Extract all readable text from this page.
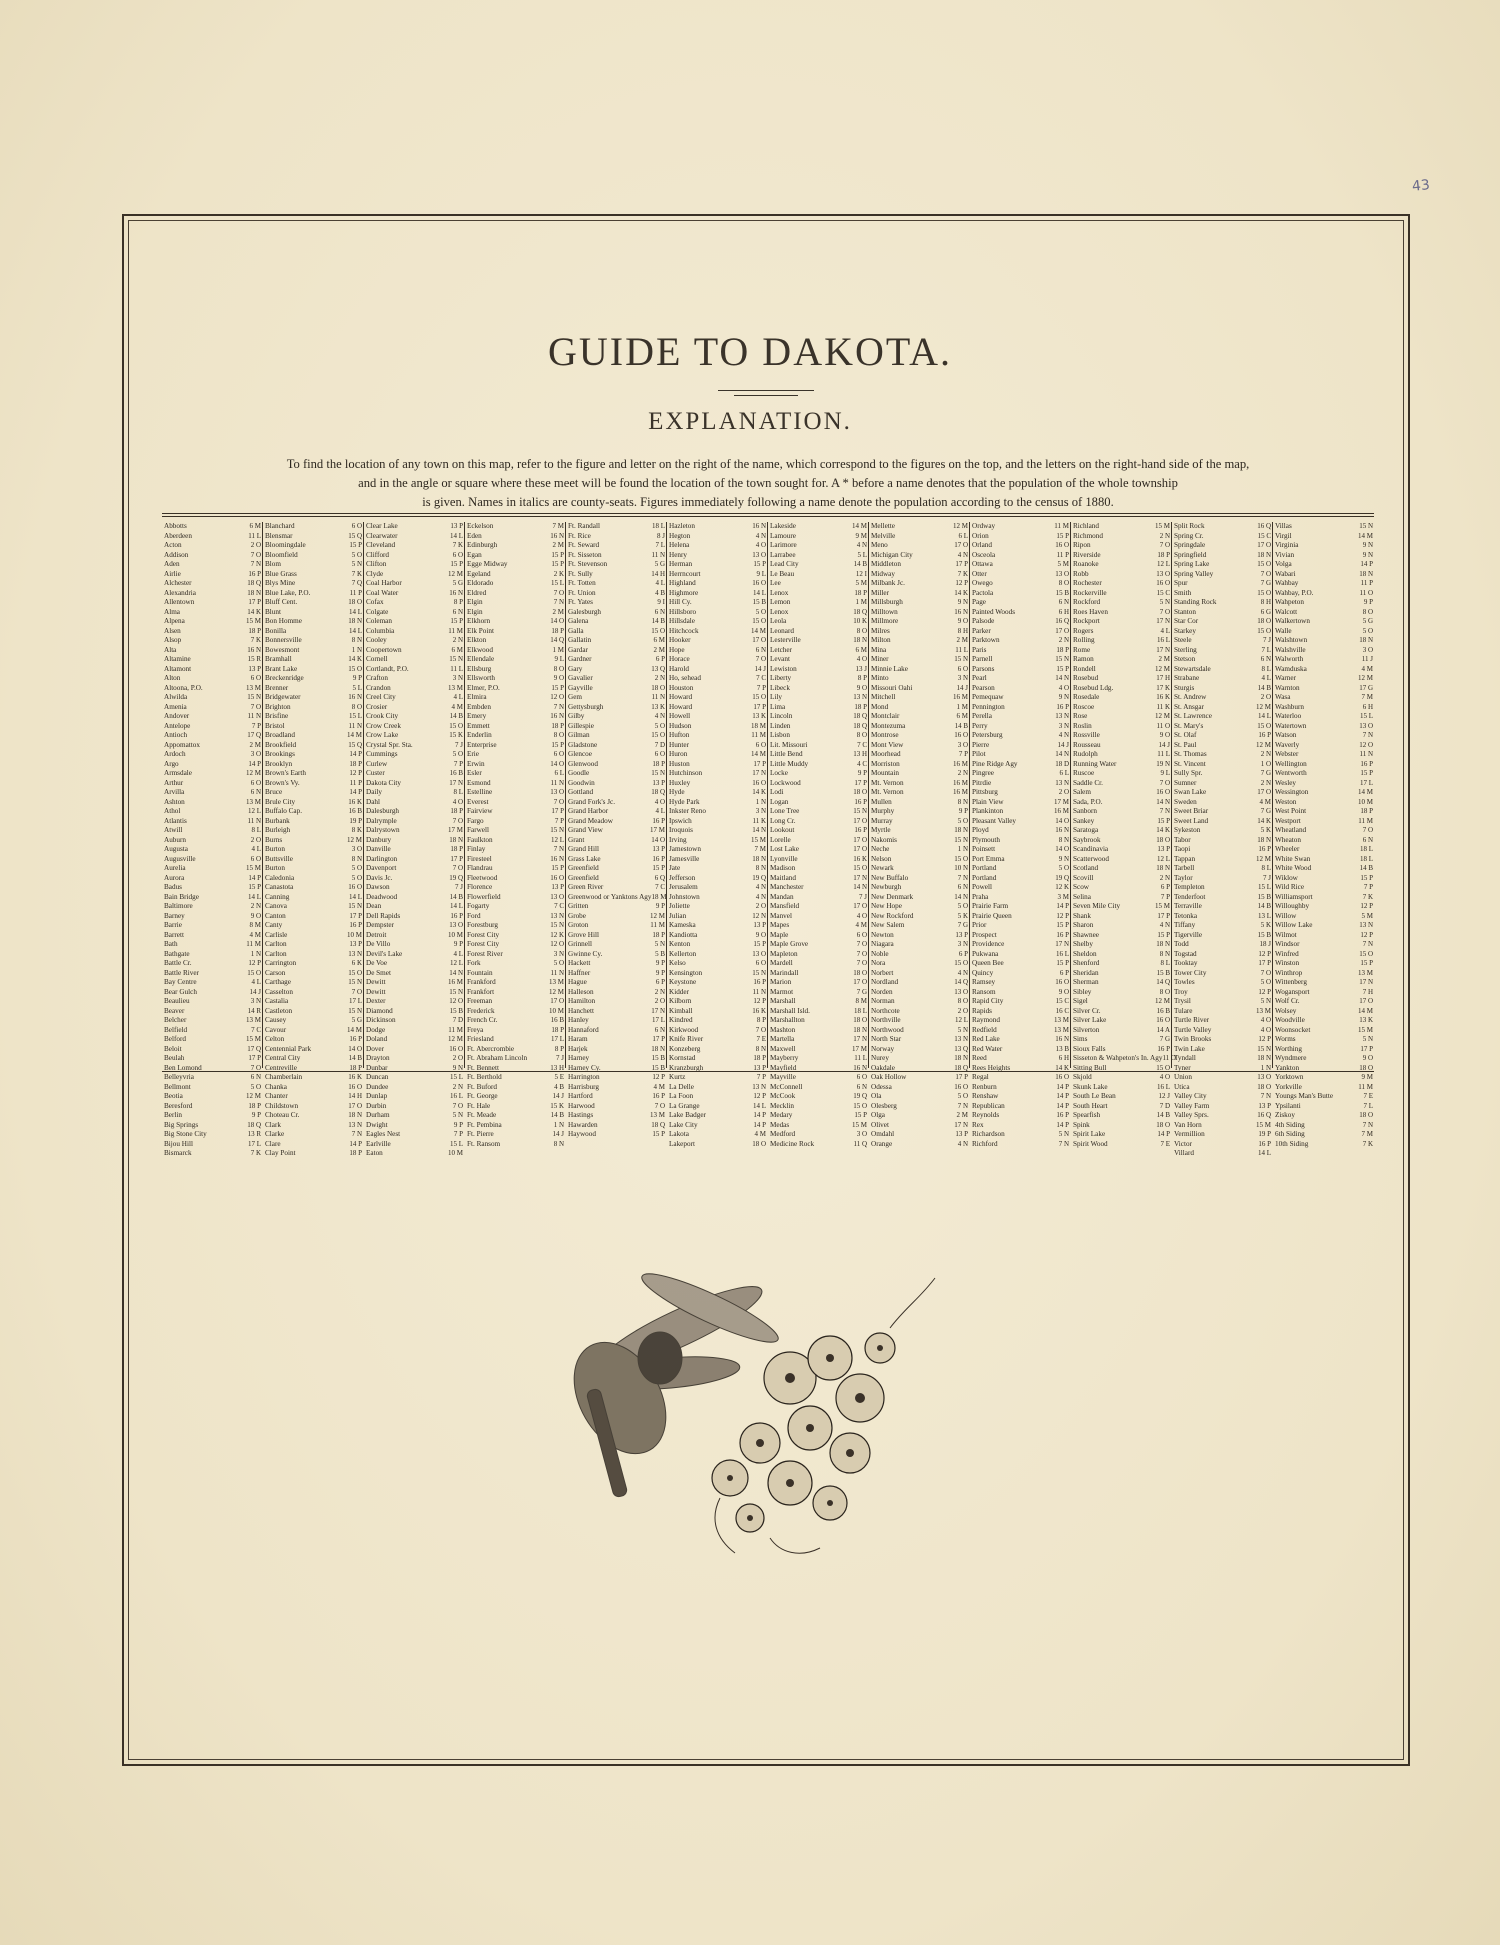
43
GUIDE TO DAKOTA.
EXPLANATION.
To find the location of any town on this map, refer to the figure and letter on the right of the name, which correspond to the figures on the top, and the letters on the right-hand side of the map,
and in the angle or square where these meet will be found the location of the town sought for. A * before a name denotes that the population of the whole township
is given. Names in italics are county-seats. Figures immediately following a name denote the population according to the census of 1880.
Abbotts	6 M
Aberdeen	11 L
Acton	2 O
Addison	7 O
Aden	7 N
Airlie	16 P
Alchester	18 Q
Alexandria	18 N
Allentown	17 P
Alma	14 K
Alpena	15 M
Alsen	18 P
Alsop	7 K
Alta	16 N
Altamine	15 R
Altamont	13 P
Alton	6 O
Altoona, P.O.	13 M
Alwilda	15 N
Amenia	7 O
Andover	11 N
Antelope	7 P
Antioch	17 Q
Appomattox	2 M
Ardoch	3 O
Argo	14 P
Armsdale	12 M
Arthur	6 O
Arvilla	6 N
Ashton	13 M
Athol	12 L
Atlantis	11 N
Atwill	8 L
Auburn	2 O
Augusta	4 L
Augusville	6 O
Aurelia	15 M
Aurora	14 P
Badus	15 P
Bain Bridge	14 L
Baltimore	2 N
Barney	9 O
Barrie	8 M
Barrett	4 M
Bath	11 M
Bathgate	1 N
Battle Cr.	12 P
Battle River	15 O
Bay Centre	4 L
Bear Gulch	14 J
Beaulieu	3 N
Beaver	14 R
Belcher	13 M
Belfield	7 C
Belford	15 M
Beloit	17 Q
Beulah	17 P
Ben Lomond	7 O
Belleyvria	6 N
Bellmont	5 O
Beotia	12 M
Beresford	18 P
Berlin	9 P
Big Springs	18 Q
Big Stone City	13 R
Bijou Hill	17 L
Bismarck	7 K
Blanchard	6 O
Blensmar	15 Q
Bloomingdale	15 P
Bloomfield	5 O
Blom	5 N
Blue Grass	7 K
Blys Mine	7 Q
Blue Lake, P.O.	11 P
Bluff Cent.	18 O
Blunt	14 L
Bon Homme	18 N
Bonilla	14 L
Bonnersville	8 N
Bowesmont	1 N
Bramhall	14 K
Brant Lake	15 O
Breckenridge	9 P
Brenner	5 L
Bridgewater	16 N
Brighton	8 O
Brisfine	15 L
Bristol	11 N
Broadland	14 M
Brookfield	15 Q
Brookings	14 P
Brooklyn	18 P
Brown's Earth	12 P
Brown's Vy.	11 P
Bruce	14 P
Brule City	16 K
Buffalo Cap.	16 B
Burbank	19 P
Burleigh	8 K
Burns	12 M
Burton	3 O
Buttsville	8 N
Burton	5 O
Caledonia	5 O
Canastota	16 O
Canning	14 L
Canova	15 N
Canton	17 P
Canty	16 P
Carlisle	10 M
Carlton	13 P
Carlton	13 N
Carrington	6 K
Carson	15 O
Carthage	15 N
Casselton	7 O
Castalia	17 L
Castleton	15 N
Causey	5 G
Cavour	14 M
Celton	16 P
Centennial Park	14 O
Central City	14 B
Centreville	18 P
Chamberlain	16 K
Chanka	16 O
Chanter	14 H
Childstown	17 O
Choteau Cr.	18 N
Clark	13 N
Clarke	7 N
Clare	14 P
Clay Point	18 P
Clear Lake	13 P
Clearwater	14 L
Cleveland	7 K
Clifford	6 O
Clifton	15 P
Clyde	12 M
Coal Harbor	5 G
Coal Water	16 N
Cofax	8 P
Colgate	6 N
Coleman	15 P
Columbia	11 M
Cooley	2 N
Coopertown	6 M
Cornell	15 N
Cortlandt, P.O.	11 L
Crafton	3 N
Crandon	13 M
Creel City	4 L
Crosier	4 M
Crook City	14 B
Crow Creek	15 O
Crow Lake	15 K
Crystal Spr. Sta.	7 J
Cummings	5 O
Curlew	7 P
Custer	16 B
Dakota City	17 N
Daily	8 L
Dahl	4 O
Dalesburgh	18 P
Dalrymple	7 O
Dalrystown	17 M
Danbury	18 N
Danville	18 P
Darlington	17 P
Davenport	7 O
Davis Jc.	19 Q
Dawson	7 J
Deadwood	14 B
Dean	14 L
Dell Rapids	16 P
Dempster	13 O
Detroit	10 M
De Villo	9 P
Devil's Lake	4 L
De Voe	12 L
De Smet	14 N
Dewitt	16 M
Dewitt	15 N
Dexter	12 O
Diamond	15 B
Dickinson	7 D
Dodge	11 M
Doland	12 M
Dover	16 O
Drayton	2 O
Dunbar	9 N
Duncan	15 L
Dundee	2 N
Dunlap	16 L
Durbin	7 O
Durham	5 N
Dwight	9 P
Eagles Nest	7 P
Earlville	15 L
Eaton	10 M
Eckelson	7 M
Eden	16 N
Edinburgh	2 M
Egan	15 P
Egge Midway	15 P
Egeland	2 K
Eldorado	15 L
Eldred	7 O
Elgin	7 N
Elgin	2 M
Elkhorn	14 O
Elk Point	18 P
Elkton	14 Q
Elkwood	1 M
Ellendale	9 L
Ellsburg	8 O
Ellsworth	9 O
Elmer, P.O.	15 P
Elmira	12 O
Embden	7 N
Emery	16 N
Emmett	18 P
Enderlin	8 O
Enterprise	15 P
Erie	6 O
Erwin	14 O
Esler	6 L
Esmond	11 N
Estelline	13 O
Everest	7 O
Fairview	17 P
Fargo	7 P
Farwell	15 N
Faulkton	12 L
Finlay	7 N
Firesteel	16 N
Flandrau	15 P
Fleetwood	16 O
Florence	13 P
Flowerfield	13 O
Fogarty	7 C
Ford	13 N
Forestburg	15 N
Forest City	12 K
Forest City	12 O
Forest River	3 N
Fork	5 O
Fountain	11 N
Frankford	13 M
Frankfort	12 M
Freeman	17 O
Frederick	10 M
French Cr.	16 B
Freya	18 P
Friesland	17 L
Ft. Abercrombie	8 P
Ft. Abraham Lincoln	7 J
Ft. Bennett	13 H
Ft. Berthold	5 E
Ft. Buford	4 B
Ft. George	14 J
Ft. Hale	15 K
Ft. Meade	14 B
Ft. Pembina	1 N
Ft. Pierre	14 J
Ft. Ransom	8 N
Ft. Randall	18 L
Ft. Rice	8 J
Ft. Seward	7 L
Ft. Sisseton	11 N
Ft. Stevenson	5 G
Ft. Sully	14 H
Ft. Totten	4 L
Ft. Union	4 B
Ft. Yates	9 I
Galesburgh	6 N
Galena	14 B
Galla	15 O
Gallatin	6 M
Gardar	2 M
Gardner	6 P
Gary	13 Q
Gavalier	2 N
Gayville	18 O
Gem	11 N
Gettysburgh	13 K
Gilby	4 N
Gillespie	5 O
Gilman	15 O
Gladstone	7 D
Glencoe	6 O
Glenwood	18 P
Goodle	15 N
Goodwin	13 P
Gottland	18 Q
Grand Fork's Jc.	4 O
Grand Harbor	4 L
Grand Meadow	16 P
Grand View	17 M
Grant	14 O
Grand Hill	13 P
Grass Lake	16 P
Greenfield	15 P
Greenfield	6 Q
Green River	7 C
Greenwood or Yanktons Agy 18 M
Gritten	9 P
Grobe	12 M
Groton	11 M
Grove Hill	18 P
Grinnell	5 N
Gwinne Cy.	5 B
Hackett	9 P
Haffner	9 P
Hague	6 P
Halleson	2 N
Hamilton	2 O
Hanchett	17 N
Hanley	17 L
Hannaford	6 N
Haram	17 P
Harjek	18 N
Harney	15 B
Harney Cy.	15 B
Harrington	12 P
Harrisburg	4 M
Hartford	16 P
Harwood	7 O
Hastings	13 M
Hawarden	18 Q
Haywood	15 P
Hazleton	16 N
Hegton	4 N
Helena	4 O
Henry	13 O
Herman	15 P
Herrncourt	9 L
Highland	16 O
Highmore	14 L
Hill Cy.	15 B
Hillsboro	5 O
Hillsdale	15 O
Hitchcock	14 M
Hooker	17 O
Hope	6 N
Horace	7 O
Harold	14 J
Ho, sehead	7 C
Houston	7 P
Howard	15 O
Howard	17 P
Howell	13 K
Hudson	18 M
Hufton	11 M
Hunter	6 O
Huron	14 M
Huston	17 P
Hutchinson	17 N
Huxley	16 O
Hyde	14 K
Hyde Park	1 N
Inkster Reno	3 N
Ipswich	11 K
Iroquois	14 N
Irving	15 M
Jamestown	7 M
Jamesville	18 N
Jate	8 N
Jefferson	19 Q
Jerusalem	4 N
Johnstown	4 N
Joliette	2 O
Julian	12 N
Kameska	13 P
Kandiotta	9 O
Kenton	15 P
Kellerton	13 O
Kelso	6 O
Kensington	15 N
Keystone	16 P
Kidder	11 N
Kilborn	12 P
Kimball	16 K
Kindred	8 P
Kirkwood	7 O
Knife River	7 E
Konzeberg	8 N
Kornstad	18 P
Kranzburgh	13 P
Kurtz	7 P
La Delle	13 N
La Foon	12 P
La Grange	14 L
Lake Badger	14 P
Lake City	14 P
Lakota	4 M
Lakeport	18 O
Lakeside	14 M
Lamoure	9 M
Larimore	4 N
Larrabee	5 L
Lead City	14 B
Le Beau	12 I
Lee	5 M
Lenox	18 P
Lemon	1 M
Lenox	18 Q
Leola	10 K
Leonard	8 O
Lesterville	18 N
Letcher	6 M
Levant	4 O
Lewiston	13 J
Liberty	8 P
Libeck	9 O
Lily	13 N
Lima	18 P
Lincoln	18 Q
Linden	18 Q
Lisbon	8 O
Lit. Missouri	7 C
Little Bend	13 H
Little Muddy	4 C
Locke	9 P
Lockwood	17 P
Lodi	18 O
Logan	16 P
Lone Tree	15 N
Long Cr.	17 O
Lookout	16 P
Lorelle	17 O
Lost Lake	17 O
Lyonville	16 K
Madison	15 O
Maitland	17 N
Manchester	14 N
Mandan	7 J
Mansfield	17 O
Manvel	4 O
Mapes	4 M
Maple	6 O
Maple Grove	7 O
Mapleton	7 O
Mardell	7 O
Marindall	18 O
Marion	17 O
Marmot	7 G
Marshall	8 M
Marshall Isld.	18 L
Marshallton	18 O
Mashton	18 N
Martella	17 N
Maxwell	17 M
Mayberry	11 L
Mayfield	16 N
Mayville	6 O
McConnell	6 N
McCook	19 Q
Mecklin	15 O
Medary	15 P
Medas	15 M
Medford	3 O
Medicine Rock	11 Q
Mellette	12 M
Melville	6 L
Meno	17 O
Michigan City	4 N
Middleton	17 P
Midway	7 K
Milbank Jc.	12 P
Miller	14 K
Millsburgh	9 N
Milltown	16 N
Millmore	9 O
Milres	8 H
Milton	2 M
Mina	11 L
Miner	15 N
Minnie Lake	6 O
Minto	3 N
Missouri Oahi	14 J
Mitchell	16 M
Mond	1 M
Montclair	6 M
Montezuma	14 B
Montrose	16 O
Mont View	3 O
Moorhead	7 P
Morriston	16 M
Mountain	2 N
Mt. Vernon	16 M
Mt. Vernon	16 M
Mullen	8 N
Murphy	9 P
Murray	5 O
Myrtle	18 N
Nakomis	15 N
Neche	1 N
Nelson	15 O
Newark	10 N
New Buffalo	7 N
Newburgh	6 N
New Denmark	14 N
New Hope	5 O
New Rockford	5 K
New Salem	7 G
Newton	13 P
Niagara	3 N
Noble	6 P
Nora	15 O
Norbert	4 N
Nordland	14 Q
Norden	13 O
Norman	8 O
Northcote	2 O
Northville	12 L
Northwood	5 N
North Star	13 N
Norway	13 Q
Nurey	18 N
Oakdale	18 Q
Oak Hollow	17 P
Odessa	16 O
Ola	5 O
Olesberg	7 N
Olga	2 M
Olivet	17 N
Omdahl	13 P
Orange	4 N
Ordway	11 M
Orion	15 P
Orland	16 O
Osceola	11 P
Ottawa	5 M
Otter	13 O
Owego	8 O
Pactola	15 B
Page	6 N
Painted Woods	6 H
Palsode	16 Q
Parker	17 O
Parktown	2 N
Paris	18 P
Parnell	15 N
Parsons	15 P
Pearl	14 N
Pearson	4 O
Pemequaw	9 N
Pennington	16 P
Perella	13 N
Perry	3 N
Petersburg	4 N
Pierre	14 J
Pilot	14 N
Pine Ridge Agy	18 D
Pingree	6 L
Pitrdie	13 N
Pittsburg	2 O
Plain View	17 M
Plankinton	16 M
Pleasant Valley	14 O
Ployd	16 N
Plymouth	8 N
Poinsett	14 O
Port Emma	9 N
Portland	5 O
Portland	19 Q
Powell	12 K
Praha	3 M
Prairie Farm	14 P
Prairie Queen	12 P
Prior	15 P
Prospect	16 P
Providence	17 N
Pukwana	16 L
Queen Bee	15 P
Quincy	6 P
Ramsey	16 O
Ransom	9 O
Rapid City	15 C
Rapids	16 C
Raymond	13 M
Redfield	13 M
Red Lake	16 N
Red Water	13 B
Reed	6 H
Rees Heights	14 K
Regal	16 O
Renburn	14 P
Renshaw	14 P
Republican	14 P
Reynolds	16 P
Rex	14 P
Richardson	5 N
Richford	7 N
Richland	15 M
Richmond	2 N
Ripon	7 O
Riverside	18 P
Roanoke	12 L
Robb	13 O
Rochester	16 O
Rockerville	15 C
Rockford	5 N
Roes Haven	7 O
Rockport	17 N
Rogers	4 L
Rolling	16 L
Rome	17 N
Ramon	2 M
Rondell	12 M
Rosebud	17 H
Rosebud Ldg.	17 K
Rosedale	16 K
Roscoe	11 K
Rose	12 M
Roslin	11 O
Rossville	9 O
Rousseau	14 J
Rudolph	11 L
Running Water	19 N
Ruscoe	9 L
Saddle Cr.	7 O
Salem	16 O
Sada, P.O.	14 N
Sanborn	7 N
Sankey	15 P
Saratoga	14 K
Saybrook	18 O
Scandinavia	13 P
Scatterwood	12 L
Scotland	18 N
Scovill	2 N
Scow	6 P
Selina	7 P
Seven Mile City	15 M
Shank	17 P
Sharon	4 N
Shawnee	15 P
Shelby	18 N
Sheldon	8 N
Shenford	8 L
Sheridan	15 B
Sherman	14 Q
Sibley	8 O
Sigel	12 M
Silver Cr.	16 B
Silver Lake	16 O
Silverton	14 A
Sims	7 G
Sioux Falls	16 P
Sisseton & Wahpeton's In. Agy 11 O
Sitting Bull	15 O
Skjold	4 O
Skunk Lake	16 L
South Le Bean	12 J
South Heart	7 D
Spearfish	14 B
Spink	18 O
Spirit Lake	14 P
Spirit Wood	7 E
Split Rock	16 Q
Spring Cr.	15 C
Springdale	17 O
Springfield	18 N
Spring Lake	15 O
Spring Valley	7 O
Spur	7 G
Smith	15 O
Standing Rock	8 H
Stanton	6 G
Star Cor	18 O
Starkey	15 O
Steele	7 J
Sterling	7 L
Stetson	6 N
Stewartsdale	8 L
Strabane	4 L
Sturgis	14 B
St. Andrew	2 O
St. Ansgar	12 M
St. Lawrence	14 L
St. Mary's	15 O
St. Olaf	16 P
St. Paul	12 M
St. Thomas	2 N
St. Vincent	1 O
Sully Spr.	7 G
Sumner	2 N
Swan Lake	17 O
Sweden	4 M
Sweet Briar	7 G
Sweet Land	14 K
Sykeston	5 K
Tabor	18 N
Taopi	16 P
Tappan	12 M
Tarbell	8 L
Taylor	7 J
Templeton	15 L
Tenderfoot	15 B
Terraville	14 B
Tetonka	13 L
Tiffany	5 K
Tigerville	15 B
Todd	18 J
Togstad	12 P
Tooktay	17 P
Tower City	7 O
Towles	5 O
Troy	12 P
Trysil	5 N
Tulare	13 M
Turtle River	4 O
Turtle Valley	4 O
Twin Brooks	12 P
Twin Lake	15 N
Tyndall	18 N
Tyner	1 N
Union	13 O
Utica	18 O
Valley City	7 N
Valley Farm	13 P
Valley Sprs.	16 Q
Van Horn	15 M
Vermillion	19 P
Victor	16 P
Villard	14 L
Villas	15 N
Virgil	14 M
Virginia	9 N
Vivian	9 N
Volga	14 P
Wabari	18 N
Wahbay	11 P
Wahbay, P.O.	11 O
Wahpeton	9 P
Walcott	8 O
Walkertown	5 G
Walle	5 O
Walshtown	18 N
Walshville	3 O
Walworth	11 J
Wamduska	4 M
Warner	12 M
Warnton	17 G
Wasa	7 M
Washburn	6 H
Waterloo	15 L
Watertown	13 O
Watson	7 N
Waverly	12 O
Webster	11 N
Wellington	16 P
Wentworth	15 P
Wesley	17 L
Wessington	14 M
Weston	10 M
West Point	18 P
Westport	11 M
Wheatland	7 O
Wheaton	6 N
Wheeler	18 L
White Swan	18 L
White Wood	14 B
Wiklow	15 P
Wild Rice	7 P
Williamsport	7 K
Willoughby	12 P
Willow	5 M
Willow Lake	13 N
Wilmot	12 P
Windsor	7 N
Winfred	15 O
Winston	15 P
Winthrop	13 M
Wittenberg	17 N
Wogansport	7 H
Wolf Cr.	17 O
Wolsey	14 M
Woodville	13 K
Woonsocket	15 M
Worms	5 N
Worthing	17 P
Wyndmere	9 O
Yankton	18 O
Yorktown	9 M
Yorkville	11 M
Youngs Man's Butte	7 E
Ypsilanti	7 L
Ziskoy	18 O
4th Siding	7 N
6th Siding	7 M
10th Siding	7 K
